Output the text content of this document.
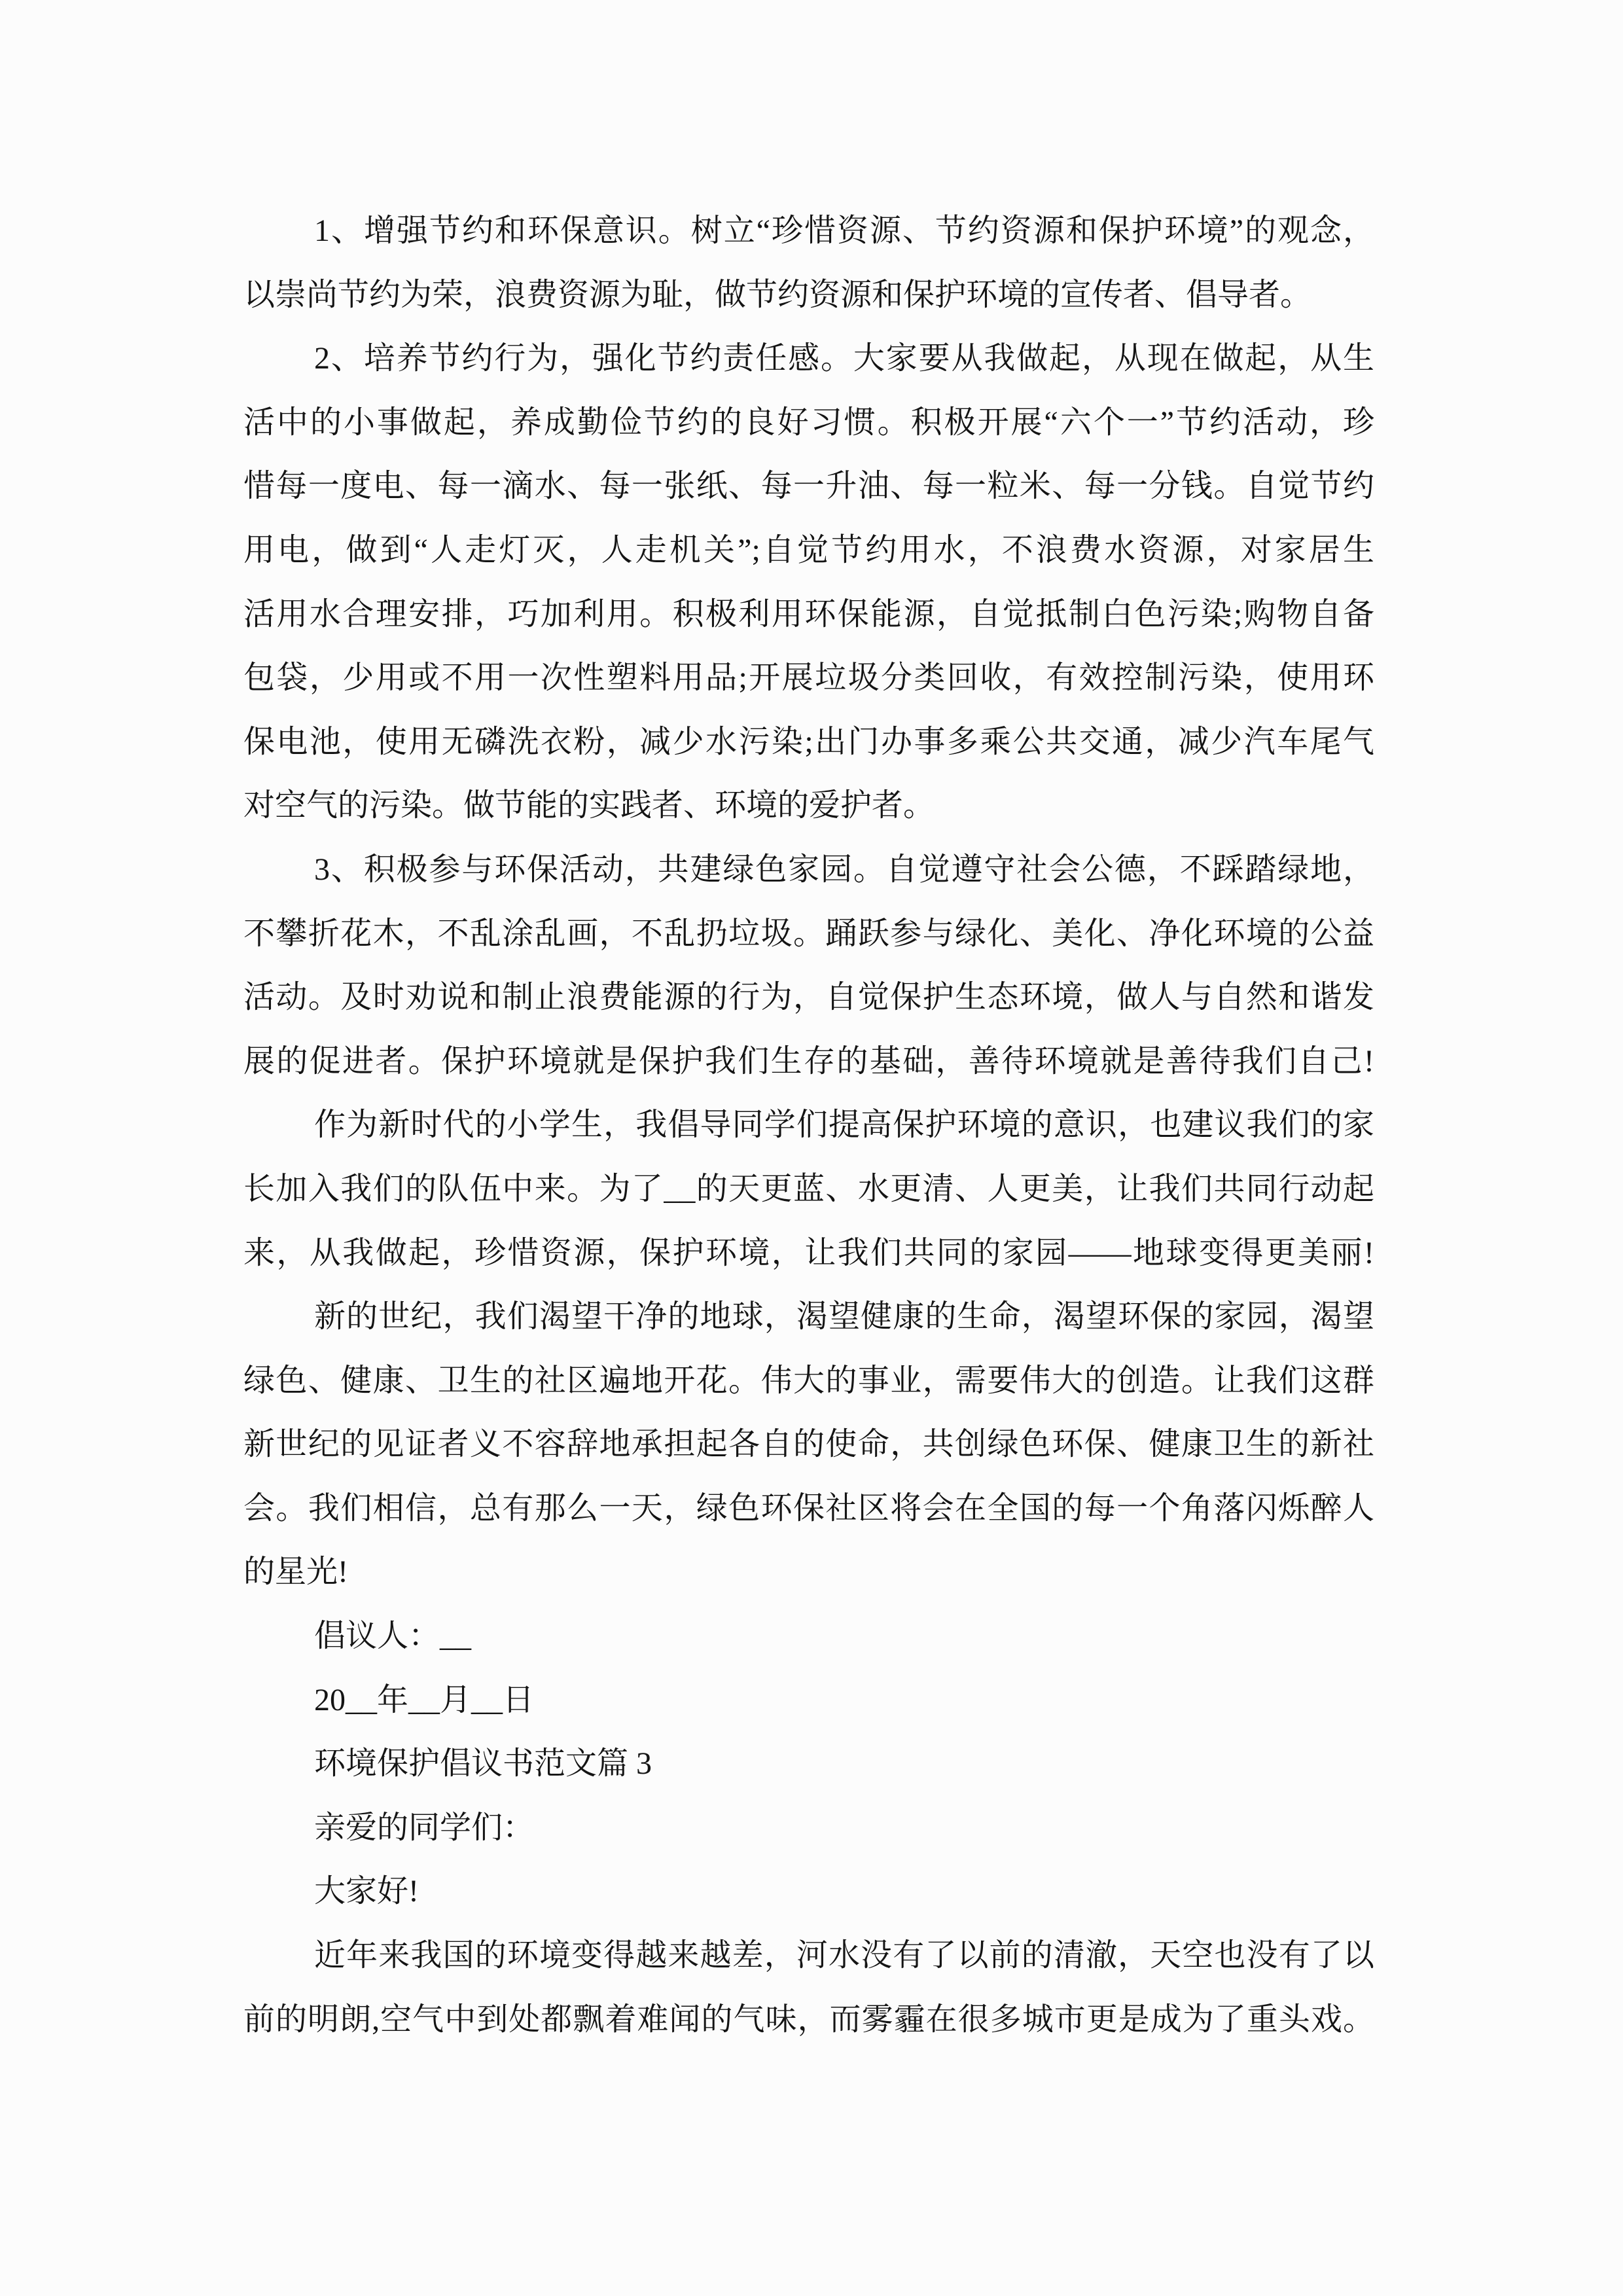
1、增强节约和环保意识。树立“珍惜资源、节约资源和保护环境”的观念，
以崇尚节约为荣，浪费资源为耻，做节约资源和保护环境的宣传者、倡导者。
2、培养节约行为，强化节约责任感。大家要从我做起，从现在做起，从生
活中的小事做起，养成勤俭节约的良好习惯。积极开展“六个一”节约活动，珍
惜每一度电、每一滴水、每一张纸、每一升油、每一粒米、每一分钱。自觉节约
用电，做到“人走灯灭，人走机关”;自觉节约用水，不浪费水资源，对家居生
活用水合理安排，巧加利用。积极利用环保能源，自觉抵制白色污染;购物自备
包袋，少用或不用一次性塑料用品;开展垃圾分类回收，有效控制污染，使用环
保电池，使用无磷洗衣粉，减少水污染;出门办事多乘公共交通，减少汽车尾气
对空气的污染。做节能的实践者、环境的爱护者。
3、积极参与环保活动，共建绿色家园。自觉遵守社会公德，不踩踏绿地，
不攀折花木，不乱涂乱画，不乱扔垃圾。踊跃参与绿化、美化、净化环境的公益
活动。及时劝说和制止浪费能源的行为，自觉保护生态环境，做人与自然和谐发
展的促进者。保护环境就是保护我们生存的基础，善待环境就是善待我们自己!
作为新时代的小学生，我倡导同学们提高保护环境的意识，也建议我们的家
长加入我们的队伍中来。为了__的天更蓝、水更清、人更美，让我们共同行动起
来，从我做起，珍惜资源，保护环境，让我们共同的家园——地球变得更美丽!
新的世纪，我们渴望干净的地球，渴望健康的生命，渴望环保的家园，渴望
绿色、健康、卫生的社区遍地开花。伟大的事业，需要伟大的创造。让我们这群
新世纪的见证者义不容辞地承担起各自的使命，共创绿色环保、健康卫生的新社
会。我们相信，总有那么一天，绿色环保社区将会在全国的每一个角落闪烁醉人
的星光!
倡议人：__
20__年__月__日
环境保护倡议书范文篇 3
亲爱的同学们：
大家好!
近年来我国的环境变得越来越差，河水没有了以前的清澈，天空也没有了以
前的明朗,空气中到处都飘着难闻的气味，而雾霾在很多城市更是成为了重头戏。
